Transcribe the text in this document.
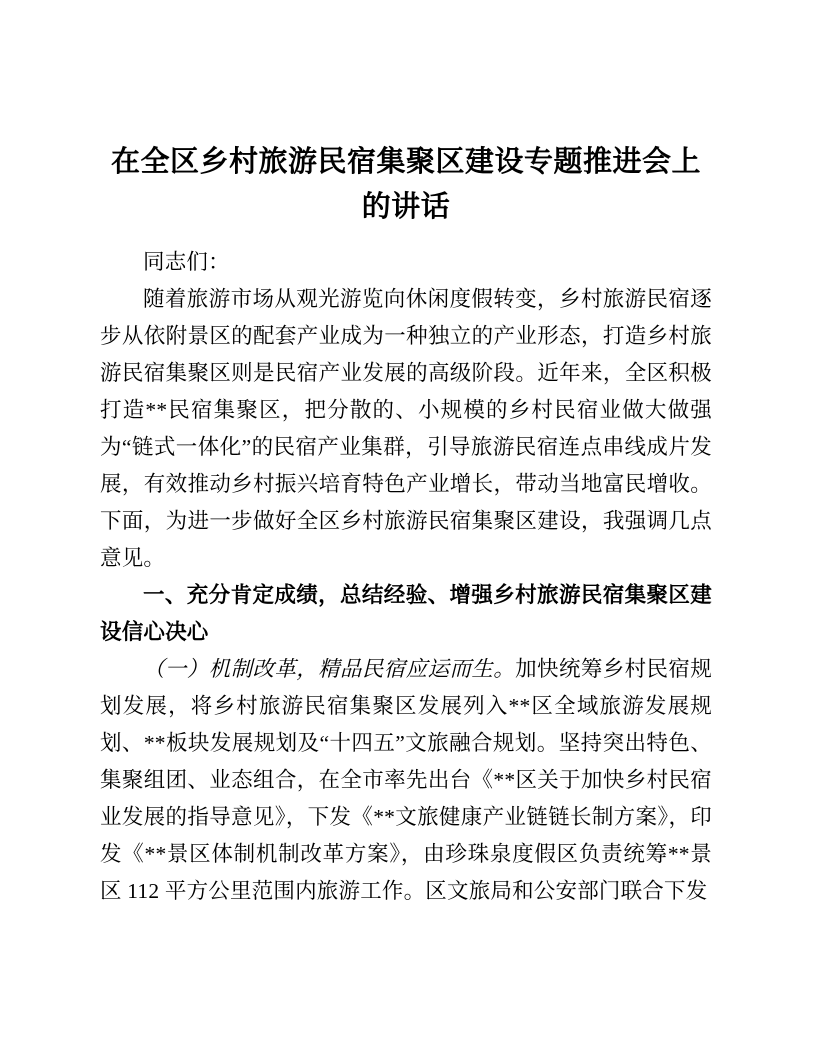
在全区乡村旅游民宿集聚区建设专题推进会上的讲话

同志们：

随着旅游市场从观光游览向休闲度假转变，乡村旅游民宿逐步从依附景区的配套产业成为一种独立的产业形态，打造乡村旅游民宿集聚区则是民宿产业发展的高级阶段。近年来，全区积极打造**民宿集聚区，把分散的、小规模的乡村民宿业做大做强为“链式一体化”的民宿产业集群，引导旅游民宿连点串线成片发展，有效推动乡村振兴培育特色产业增长，带动当地富民增收。下面，为进一步做好全区乡村旅游民宿集聚区建设，我强调几点意见。

一、充分肯定成绩，总结经验、增强乡村旅游民宿集聚区建设信心决心

（一）机制改革，精品民宿应运而生。加快统筹乡村民宿规划发展，将乡村旅游民宿集聚区发展列入**区全域旅游发展规划、**板块发展规划及“十四五”文旅融合规划。坚持突出特色、集聚组团、业态组合，在全市率先出台《**区关于加快乡村民宿业发展的指导意见》，下发《**文旅健康产业链链长制方案》，印发《**景区体制机制改革方案》，由珍珠泉度假区负责统筹**景区 112 平方公里范围内旅游工作。区文旅局和公安部门联合下发
